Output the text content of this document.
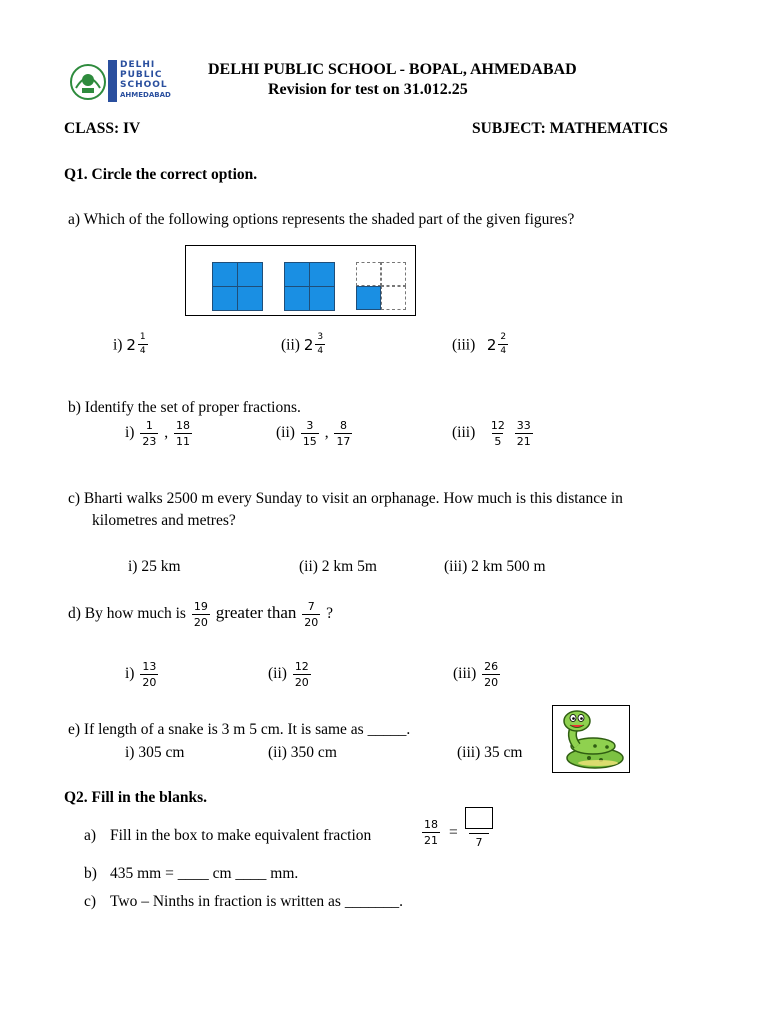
DELHI
PUBLIC
SCHOOL
AHMEDABAD
DELHI PUBLIC SCHOOL - BOPAL, AHMEDABAD
Revision for test on 31.012.25
CLASS: IV	SUBJECT: MATHEMATICS
Q1. Circle the correct option.
a) Which of the following options represents the shaded part of the given figures?
i) $2 \frac{1}{4}$	(ii) $2 \frac{3}{4}$	(iii) $2 \frac{2}{4}$
b) Identify the set of proper fractions.
$i) \frac{1}{23}$ , $\frac{18}{11}$	$(ii) \frac{3}{15}$ , $\frac{8}{17}$	$(iii) \frac{12}{5}$
$\frac{33}{21}$
c) Bharti walks 2500 m every Sunday to visit an orphanage. How much is this distance in
kilometres and metres?
i) 25 km	(ii) 2 km 5m	(iii) 2 km 500 m
d) By how much is $\frac{19}{20}$ greater than $\frac{7}{20}$ ?
$i) \frac{13}{20}$	$(ii) \frac{12}{20}$	$(iii) \frac{26}{20}$
e) If length of a snake is 3 m 5 cm. It is same as _____.
i) 305 cm	(ii) 350 cm	(iii) 35 cm
Q2. Fill in the blanks.
a) Fill in the box to make equivalent fraction	$\frac{18}{21}$ =
7
b) 435 mm = ____ cm ____ mm.
c) Two – Ninths in fraction is written as _______.
